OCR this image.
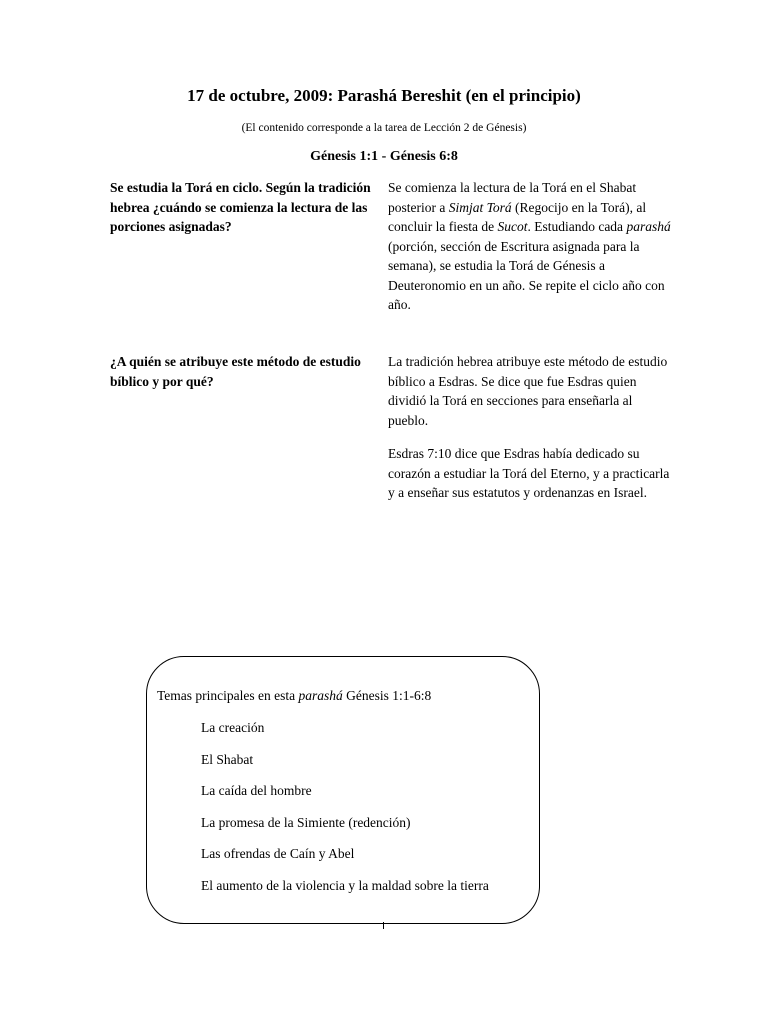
17 de octubre, 2009: Parashá Bereshit (en el principio)
(El contenido corresponde a la tarea de Lección 2 de Génesis)
Génesis 1:1 - Génesis 6:8
Se estudia la Torá en ciclo. Según la tradición hebrea ¿cuándo se comienza la lectura de las porciones asignadas?
Se comienza la lectura de la Torá en el Shabat posterior a Simjat Torá (Regocijo en la Torá), al concluir la fiesta de Sucot. Estudiando cada parashá (porción, sección de Escritura asignada para la semana), se estudia la Torá de Génesis a Deuteronomio en un año. Se repite el ciclo año con año.
¿A quién se atribuye este método de estudio bíblico y por qué?

La tradición hebrea atribuye este método de estudio bíblico a Esdras. Se dice que fue Esdras quien dividió la Torá en secciones para enseñarla al pueblo.

Esdras 7:10 dice que Esdras había dedicado su corazón a estudiar la Torá del Eterno, y a practicarla y a enseñar sus estatutos y ordenanzas en Israel.

Temas principales en esta parashá Génesis 1:1-6:8
La creación
El Shabat
La caída del hombre
La promesa de la Simiente (redención)
Las ofrendas de Caín y Abel
El aumento de la violencia y la maldad sobre la tierra
